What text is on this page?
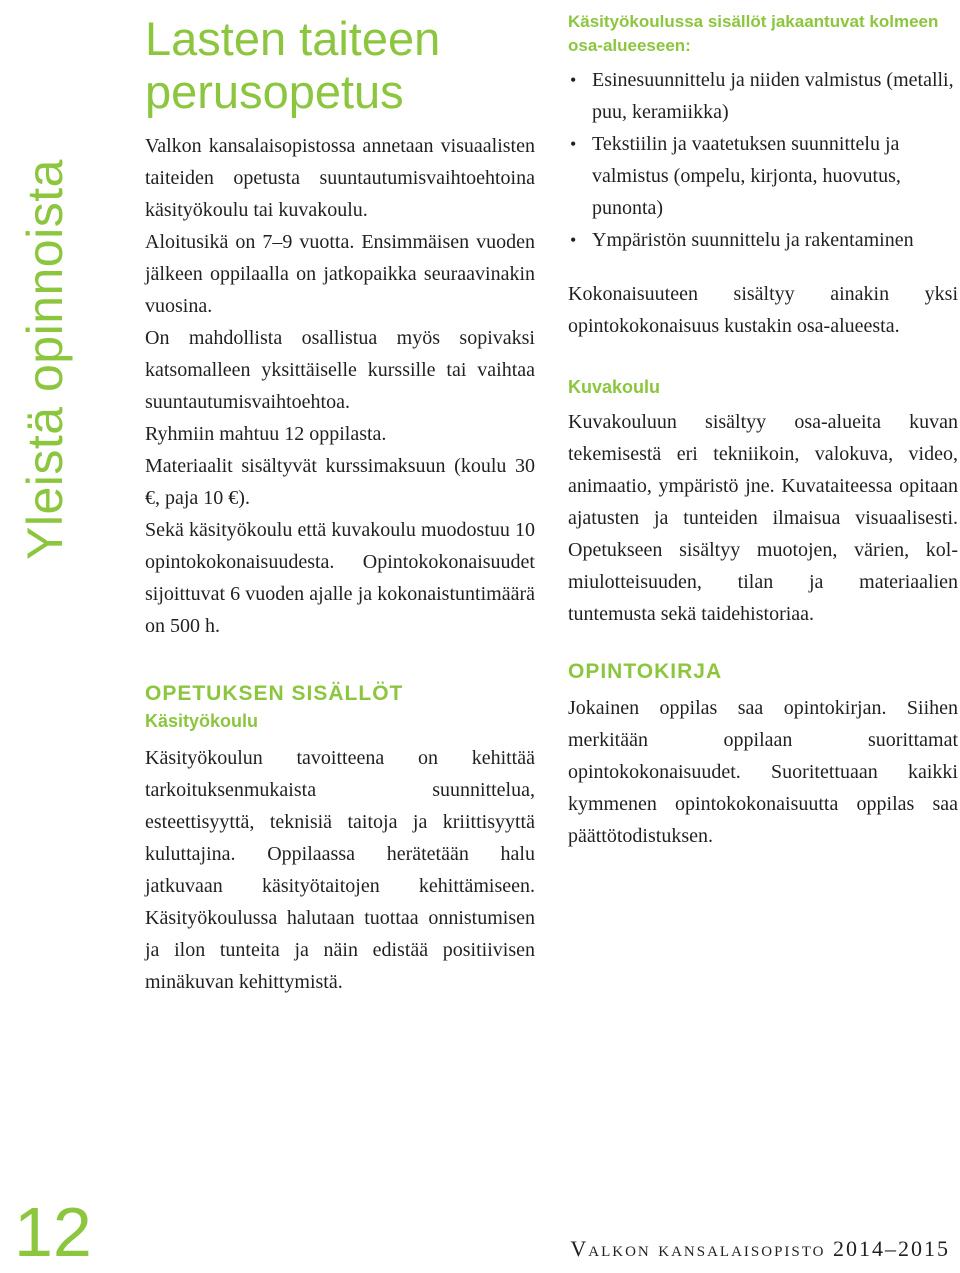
Yleistä opinnoista
Lasten taiteen
perusopetus

Valkon kansalaisopistossa annetaan visuaalisten taiteiden opetusta suuntautumisvaihtoehtoina käsityökoulu tai kuvakoulu.

Aloitusikä on 7–9 vuotta. Ensimmäisen vuoden jälkeen oppilaalla on jatkopaikka seuraavinakin vuosina.

On mahdollista osallistua myös sopivaksi katsomalleen yksittäiselle kurssille tai vaihtaa suuntautumisvaihtoehtoa.

Ryhmiin mahtuu 12 oppilasta.

Materiaalit sisältyvät kurssimaksuun (koulu 30 €, paja 10 €).

Sekä käsityökoulu että kuvakoulu muodostuu 10 opintokokonaisuudesta. Opintokokonaisuudet sijoittuvat 6 vuoden ajalle ja kokonaistuntimäärä on 500 h.

OPETUKSEN SISÄLLÖT
Käsityökoulu

Käsityökoulun tavoitteena on kehittää tarkoituksenmukaista suunnittelua, esteettisyyttä, teknisiä taitoja ja kriittisyyttä kuluttajina. Oppilaassa herätetään halu jatkuvaan käsityötaitojen kehittämiseen. Käsityökoulussa halutaan tuottaa onnistumisen ja ilon tunteita ja näin edistää positiivisen minäkuvan kehittymistä.

Käsityökoulussa sisällöt jakaantuvat kolmeen osa-alueeseen:
• Esinesuunnittelu ja niiden valmistus (metalli, puu, keramiikka)
• Tekstiilin ja vaatetuksen suunnittelu ja valmistus (ompelu, kirjonta, huovutus, punonta)
• Ympäristön suunnittelu ja rakentaminen

Kokonaisuuteen sisältyy ainakin yksi opintokokonaisuus kustakin osa-alueesta.

Kuvakoulu

Kuvakouluun sisältyy osa-alueita kuvan tekemisestä eri tekniikoin, valokuva, video, animaatio, ympäristö jne. Kuvataiteessa opitaan ajatusten ja tunteiden ilmaisua visuaalisesti. Opetukseen sisältyy muotojen, värien, kolmiulotteisuuden, tilan ja materiaalien tuntemusta sekä taidehistoriaa.

OPINTOKIRJA

Jokainen oppilas saa opintokirjan. Siihen merkitään oppilaan suorittamat opintokokonaisuudet. Suoritettuaan kaikki kymmenen opintokokonaisuutta oppilas saa päättötodistuksen.

12	Valkon kansalaisopisto 2014–2015
